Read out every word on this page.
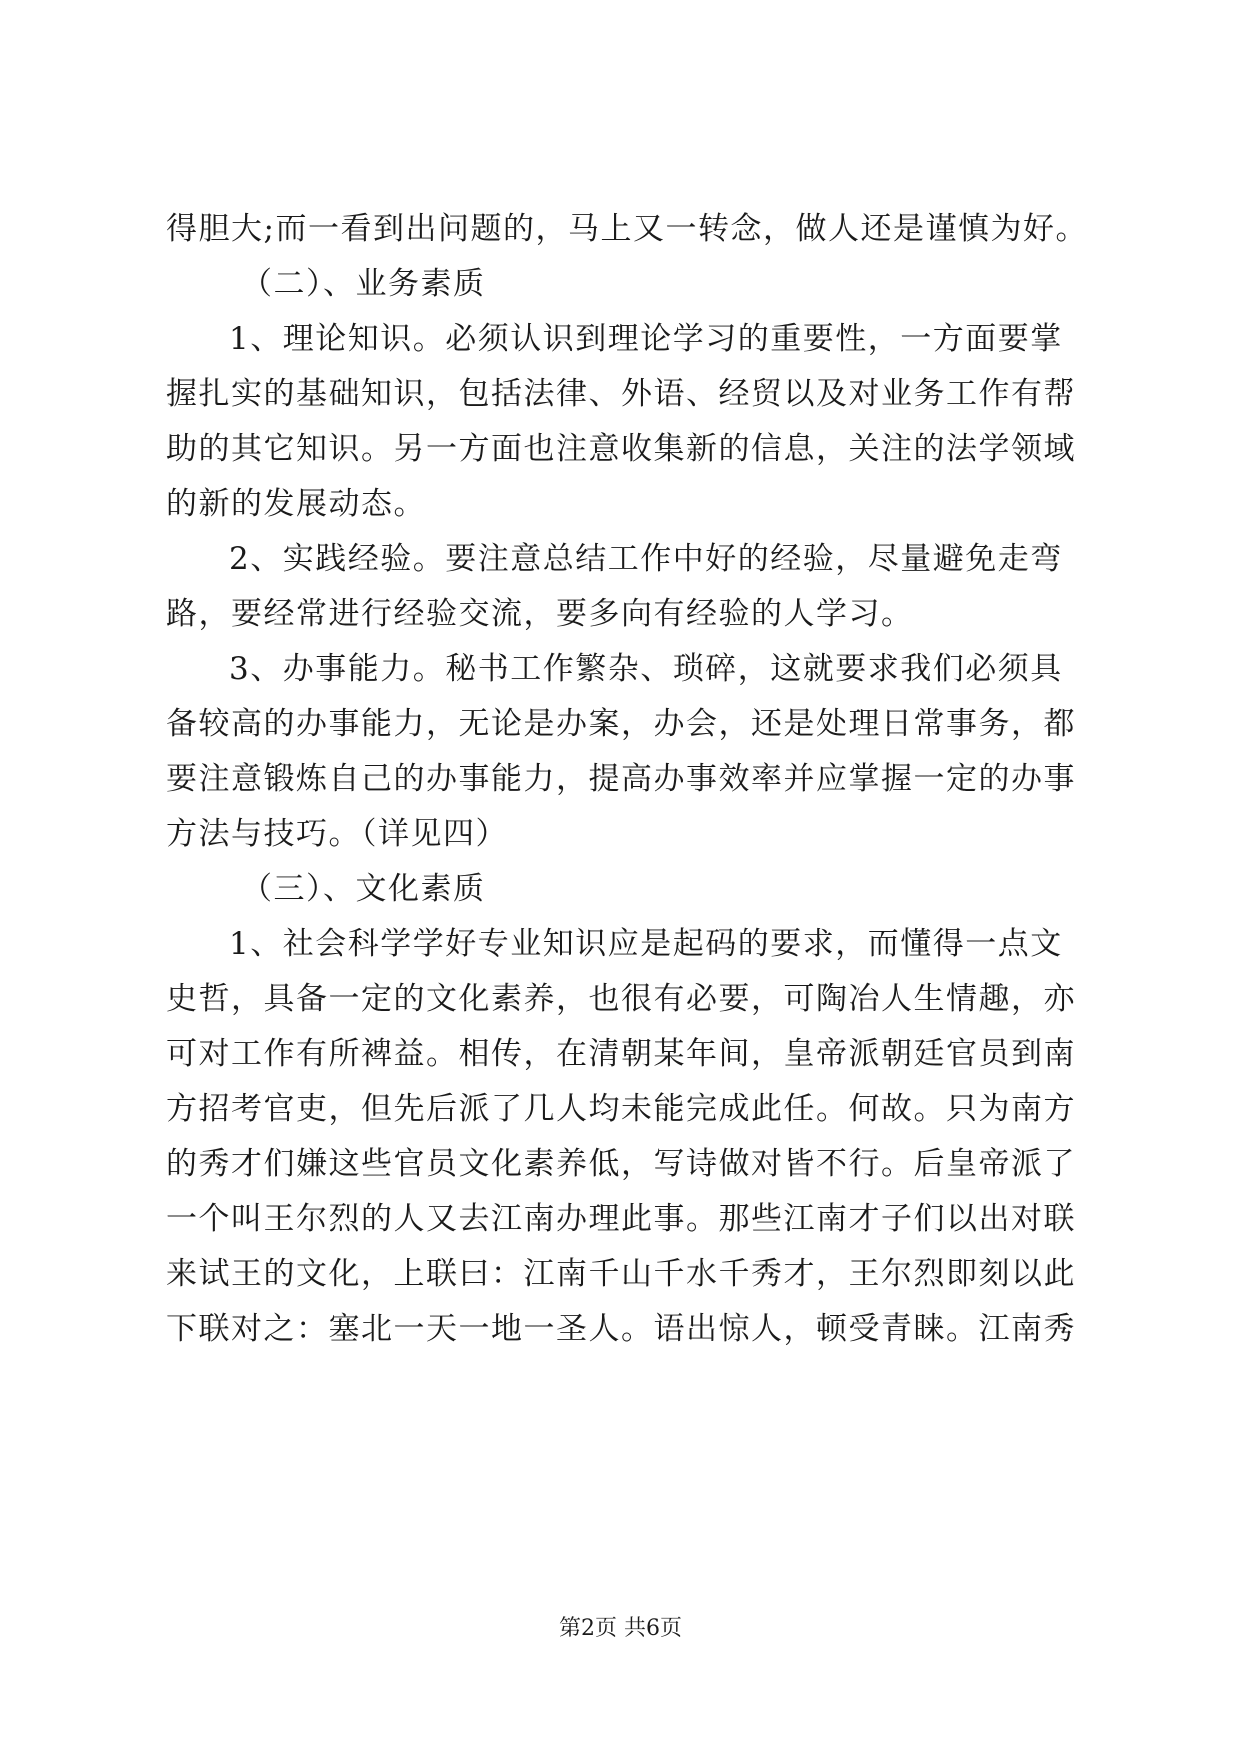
得胆大;而一看到出问题的，马上又一转念，做人还是谨慎为好。
（二）、业务素质
1、理论知识。必须认识到理论学习的重要性，一方面要掌
握扎实的基础知识，包括法律、外语、经贸以及对业务工作有帮
助的其它知识。另一方面也注意收集新的信息，关注的法学领域
的新的发展动态。
2、实践经验。要注意总结工作中好的经验，尽量避免走弯
路，要经常进行经验交流，要多向有经验的人学习。
3、办事能力。秘书工作繁杂、琐碎，这就要求我们必须具
备较高的办事能力，无论是办案，办会，还是处理日常事务，都
要注意锻炼自己的办事能力，提高办事效率并应掌握一定的办事
方法与技巧。（详见四）
（三）、文化素质
1、社会科学学好专业知识应是起码的要求，而懂得一点文
史哲，具备一定的文化素养，也很有必要，可陶冶人生情趣，亦
可对工作有所裨益。相传，在清朝某年间，皇帝派朝廷官员到南
方招考官吏，但先后派了几人均未能完成此任。何故。只为南方
的秀才们嫌这些官员文化素养低，写诗做对皆不行。后皇帝派了
一个叫王尔烈的人又去江南办理此事。那些江南才子们以出对联
来试王的文化，上联曰：江南千山千水千秀才，王尔烈即刻以此
下联对之：塞北一天一地一圣人。语出惊人，顿受青睐。江南秀
第2页 共6页
